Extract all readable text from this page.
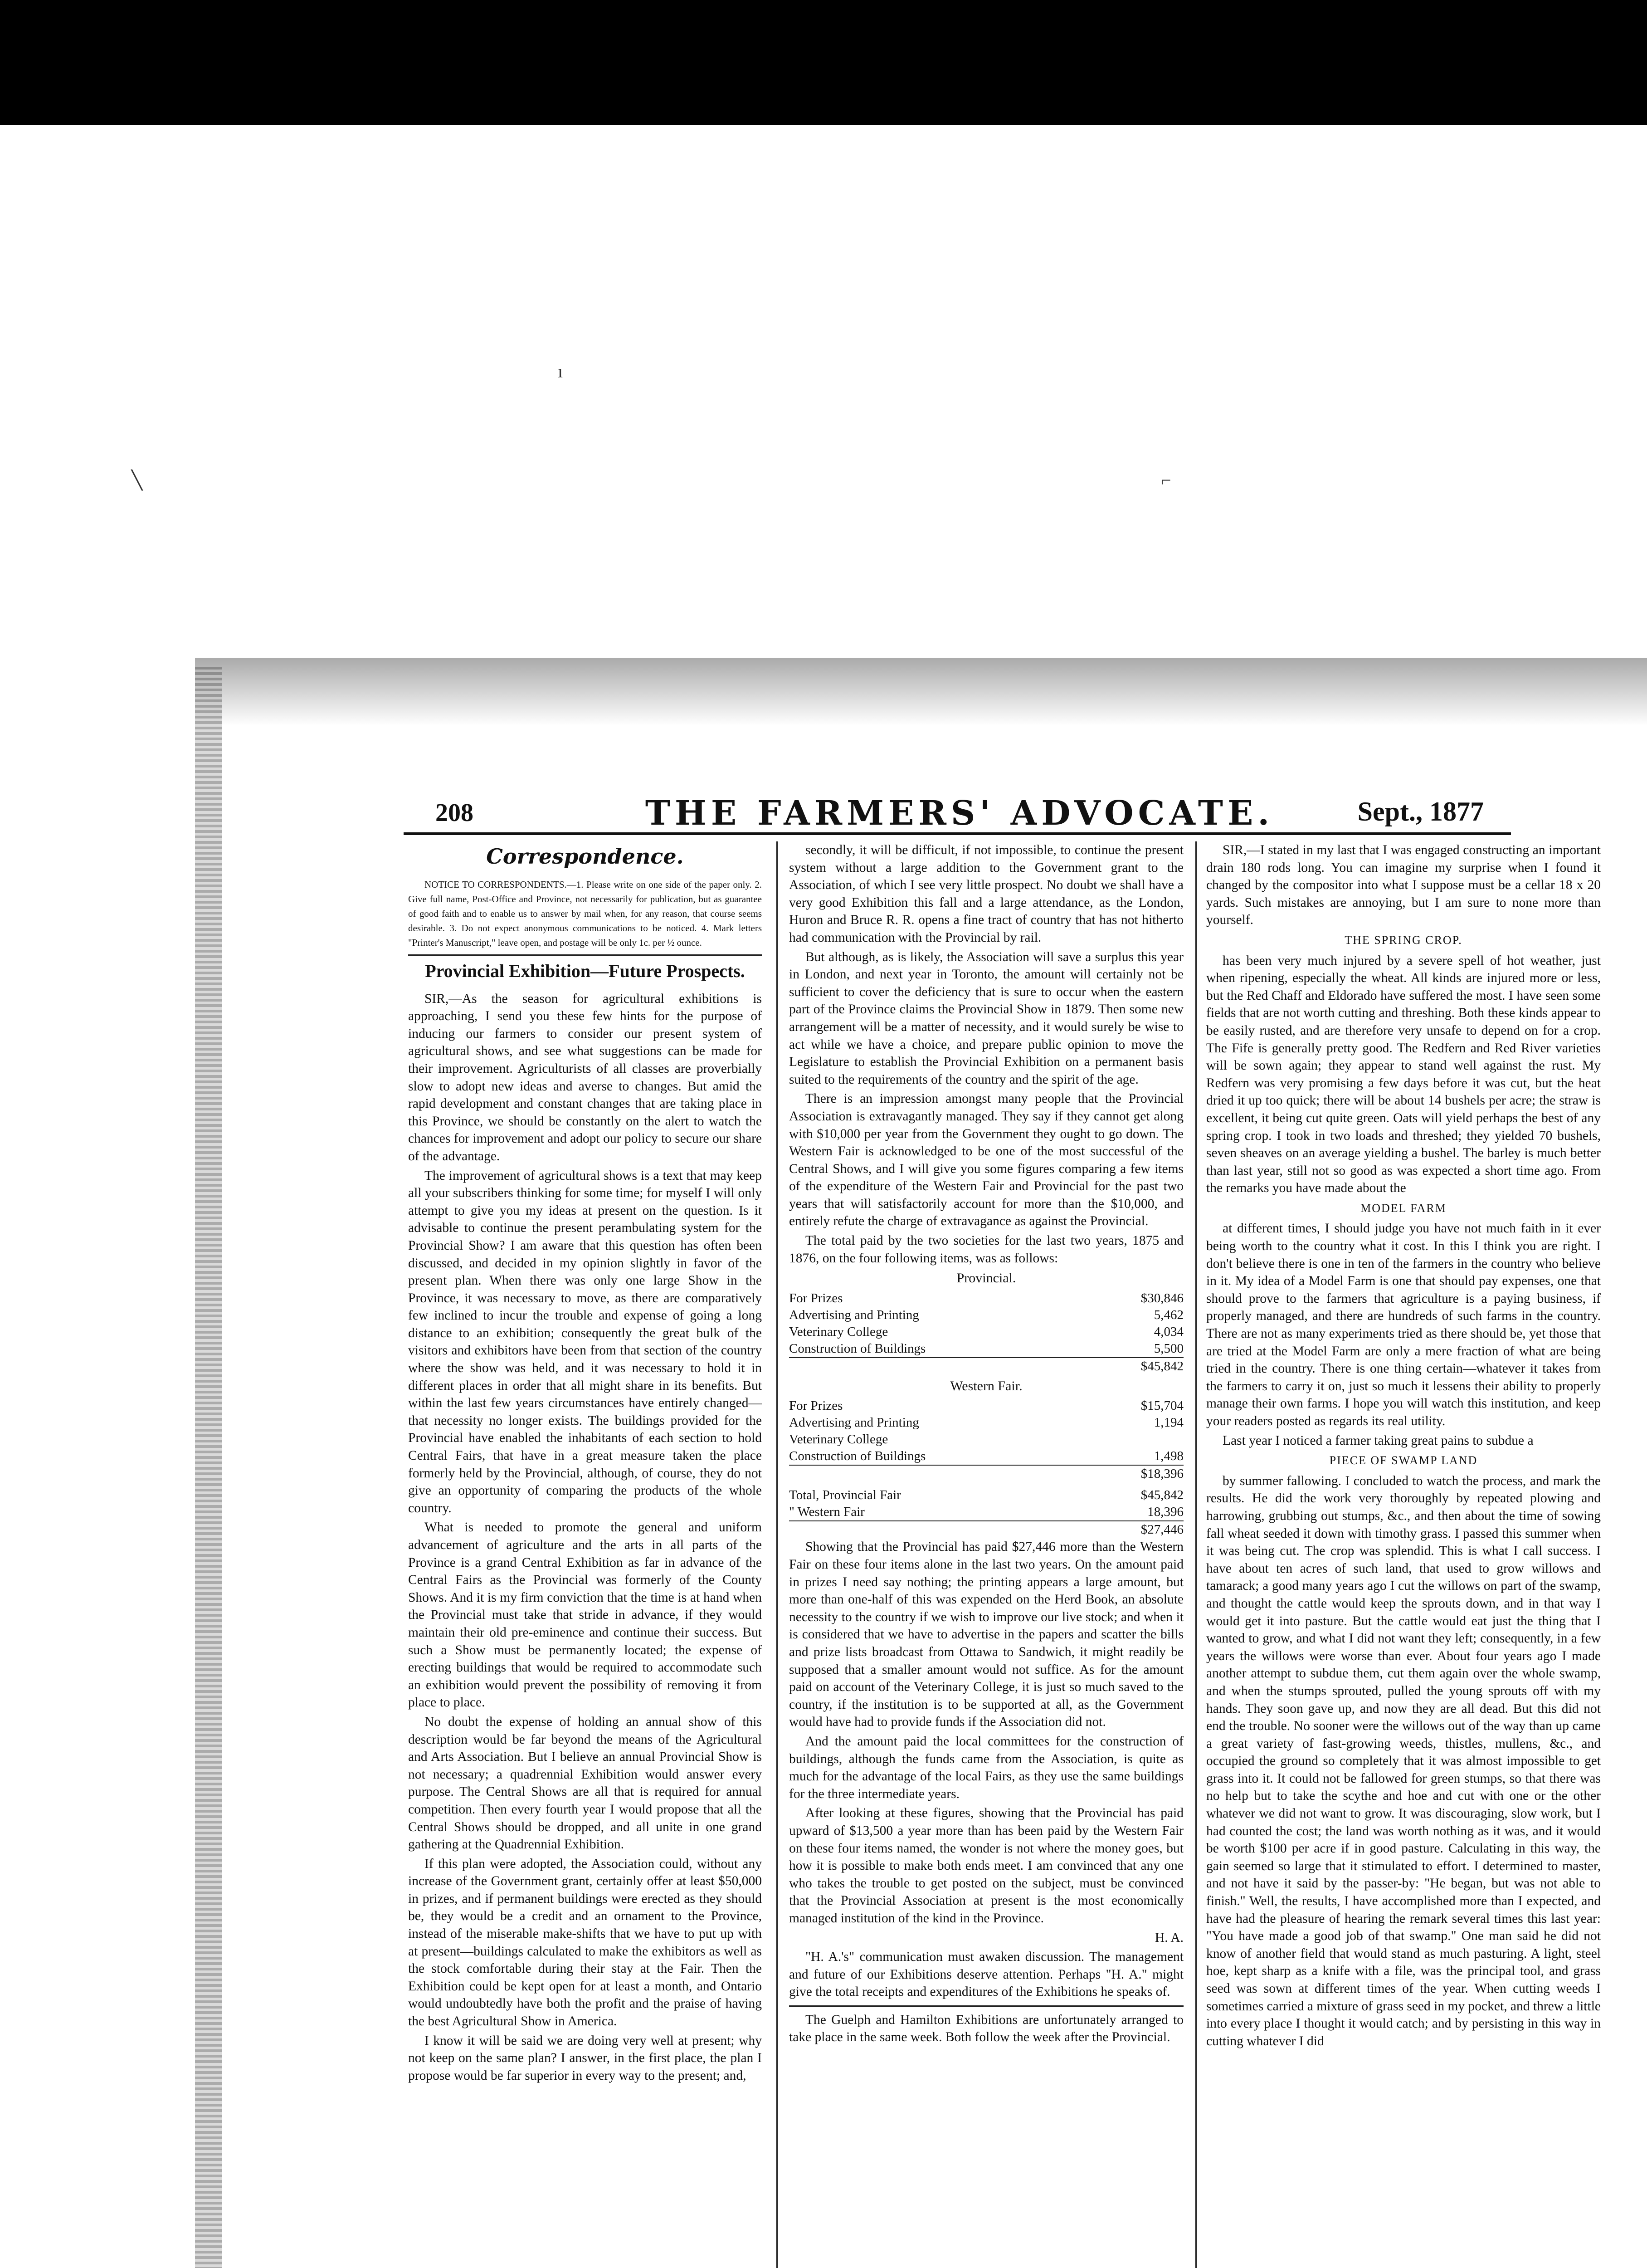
ı
╲	⌐
208	THE FARMERS' ADVOCATE.	Sept., 1877
Correspondence.

NOTICE TO CORRESPONDENTS.—1. Please write on one side of the paper only. 2. Give full name, Post-Office and Province, not necessarily for publication, but as guarantee of good faith and to enable us to answer by mail when, for any reason, that course seems desirable. 3. Do not expect anonymous communications to be noticed. 4. Mark letters "Printer's Manuscript," leave open, and postage will be only 1c. per ½ ounce.

Provincial Exhibition—Future Prospects.

SIR,—As the season for agricultural exhibitions is approaching, I send you these few hints for the purpose of inducing our farmers to consider our present system of agricultural shows, and see what suggestions can be made for their improvement. Agriculturists of all classes are proverbially slow to adopt new ideas and averse to changes. But amid the rapid development and constant changes that are taking place in this Province, we should be constantly on the alert to watch the chances for improvement and adopt our policy to secure our share of the advantage.

The improvement of agricultural shows is a text that may keep all your subscribers thinking for some time; for myself I will only attempt to give you my ideas at present on the question. Is it advisable to continue the present perambulating system for the Provincial Show? I am aware that this question has often been discussed, and decided in my opinion slightly in favor of the present plan. When there was only one large Show in the Province, it was necessary to move, as there are comparatively few inclined to incur the trouble and expense of going a long distance to an exhibition; consequently the great bulk of the visitors and exhibitors have been from that section of the country where the show was held, and it was necessary to hold it in different places in order that all might share in its benefits. But within the last few years circumstances have entirely changed—that necessity no longer exists. The buildings provided for the Provincial have enabled the inhabitants of each section to hold Central Fairs, that have in a great measure taken the place formerly held by the Provincial, although, of course, they do not give an opportunity of comparing the products of the whole country.

What is needed to promote the general and uniform advancement of agriculture and the arts in all parts of the Province is a grand Central Exhibition as far in advance of the Central Fairs as the Provincial was formerly of the County Shows. And it is my firm conviction that the time is at hand when the Provincial must take that stride in advance, if they would maintain their old pre-eminence and continue their success. But such a Show must be permanently located; the expense of erecting buildings that would be required to accommodate such an exhibition would prevent the possibility of removing it from place to place.

No doubt the expense of holding an annual show of this description would be far beyond the means of the Agricultural and Arts Association. But I believe an annual Provincial Show is not necessary; a quadrennial Exhibition would answer every purpose. The Central Shows are all that is required for annual competition. Then every fourth year I would propose that all the Central Shows should be dropped, and all unite in one grand gathering at the Quadrennial Exhibition.

If this plan were adopted, the Association could, without any increase of the Government grant, certainly offer at least $50,000 in prizes, and if permanent buildings were erected as they should be, they would be a credit and an ornament to the Province, instead of the miserable make-shifts that we have to put up with at present—buildings calculated to make the exhibitors as well as the stock comfortable during their stay at the Fair. Then the Exhibition could be kept open for at least a month, and Ontario would undoubtedly have both the profit and the praise of having the best Agricultural Show in America.

I know it will be said we are doing very well at present; why not keep on the same plan? I answer, in the first place, the plan I propose would be far superior in every way to the present; and,

secondly, it will be difficult, if not impossible, to continue the present system without a large addition to the Government grant to the Association, of which I see very little prospect. No doubt we shall have a very good Exhibition this fall and a large attendance, as the London, Huron and Bruce R. R. opens a fine tract of country that has not hitherto had communication with the Provincial by rail.

But although, as is likely, the Association will save a surplus this year in London, and next year in Toronto, the amount will certainly not be sufficient to cover the deficiency that is sure to occur when the eastern part of the Province claims the Provincial Show in 1879. Then some new arrangement will be a matter of necessity, and it would surely be wise to act while we have a choice, and prepare public opinion to move the Legislature to establish the Provincial Exhibition on a permanent basis suited to the requirements of the country and the spirit of the age.

There is an impression amongst many people that the Provincial Association is extravagantly managed. They say if they cannot get along with $10,000 per year from the Government they ought to go down. The Western Fair is acknowledged to be one of the most successful of the Central Shows, and I will give you some figures comparing a few items of the expenditure of the Western Fair and Provincial for the past two years that will satisfactorily account for more than the $10,000, and entirely refute the charge of extravagance as against the Provincial.

The total paid by the two societies for the last two years, 1875 and 1876, on the four following items, was as follows:

Provincial.
For Prizes	$30,846
Advertising and Printing	5,462
Veterinary College	4,034
Construction of Buildings	5,500
	$45,842
Western Fair.
For Prizes	$15,704
Advertising and Printing	1,194
Veterinary College	
Construction of Buildings	1,498
	$18,396
Total, Provincial Fair	$45,842
" Western Fair	18,396
	$27,446

Showing that the Provincial has paid $27,446 more than the Western Fair on these four items alone in the last two years. On the amount paid in prizes I need say nothing; the printing appears a large amount, but more than one-half of this was expended on the Herd Book, an absolute necessity to the country if we wish to improve our live stock; and when it is considered that we have to advertise in the papers and scatter the bills and prize lists broadcast from Ottawa to Sandwich, it might readily be supposed that a smaller amount would not suffice. As for the amount paid on account of the Veterinary College, it is just so much saved to the country, if the institution is to be supported at all, as the Government would have had to provide funds if the Association did not.

And the amount paid the local committees for the construction of buildings, although the funds came from the Association, is quite as much for the advantage of the local Fairs, as they use the same buildings for the three intermediate years.

After looking at these figures, showing that the Provincial has paid upward of $13,500 a year more than has been paid by the Western Fair on these four items named, the wonder is not where the money goes, but how it is possible to make both ends meet. I am convinced that any one who takes the trouble to get posted on the subject, must be convinced that the Provincial Association at present is the most economically managed institution of the kind in the Province.

H. A.

"H. A.'s" communication must awaken discussion. The management and future of our Exhibitions deserve attention. Perhaps "H. A." might give the total receipts and expenditures of the Exhibitions he speaks of.

The Guelph and Hamilton Exhibitions are unfortunately arranged to take place in the same week. Both follow the week after the Provincial.

SIR,—I stated in my last that I was engaged constructing an important drain 180 rods long. You can imagine my surprise when I found it changed by the compositor into what I suppose must be a cellar 18 x 20 yards. Such mistakes are annoying, but I am sure to none more than yourself.

THE SPRING CROP.

has been very much injured by a severe spell of hot weather, just when ripening, especially the wheat. All kinds are injured more or less, but the Red Chaff and Eldorado have suffered the most. I have seen some fields that are not worth cutting and threshing. Both these kinds appear to be easily rusted, and are therefore very unsafe to depend on for a crop. The Fife is generally pretty good. The Redfern and Red River varieties will be sown again; they appear to stand well against the rust. My Redfern was very promising a few days before it was cut, but the heat dried it up too quick; there will be about 14 bushels per acre; the straw is excellent, it being cut quite green. Oats will yield perhaps the best of any spring crop. I took in two loads and threshed; they yielded 70 bushels, seven sheaves on an average yielding a bushel. The barley is much better than last year, still not so good as was expected a short time ago. From the remarks you have made about the

MODEL FARM

at different times, I should judge you have not much faith in it ever being worth to the country what it cost. In this I think you are right. I don't believe there is one in ten of the farmers in the country who believe in it. My idea of a Model Farm is one that should pay expenses, one that should prove to the farmers that agriculture is a paying business, if properly managed, and there are hundreds of such farms in the country. There are not as many experiments tried as there should be, yet those that are tried at the Model Farm are only a mere fraction of what are being tried in the country. There is one thing certain—whatever it takes from the farmers to carry it on, just so much it lessens their ability to properly manage their own farms. I hope you will watch this institution, and keep your readers posted as regards its real utility.

Last year I noticed a farmer taking great pains to subdue a

PIECE OF SWAMP LAND

by summer fallowing. I concluded to watch the process, and mark the results. He did the work very thoroughly by repeated plowing and harrowing, grubbing out stumps, &c., and then about the time of sowing fall wheat seeded it down with timothy grass. I passed this summer when it was being cut. The crop was splendid. This is what I call success. I have about ten acres of such land, that used to grow willows and tamarack; a good many years ago I cut the willows on part of the swamp, and thought the cattle would keep the sprouts down, and in that way I would get it into pasture. But the cattle would eat just the thing that I wanted to grow, and what I did not want they left; consequently, in a few years the willows were worse than ever. About four years ago I made another attempt to subdue them, cut them again over the whole swamp, and when the stumps sprouted, pulled the young sprouts off with my hands. They soon gave up, and now they are all dead. But this did not end the trouble. No sooner were the willows out of the way than up came a great variety of fast-growing weeds, thistles, mullens, &c., and occupied the ground so completely that it was almost impossible to get grass into it. It could not be fallowed for green stumps, so that there was no help but to take the scythe and hoe and cut with one or the other whatever we did not want to grow. It was discouraging, slow work, but I had counted the cost; the land was worth nothing as it was, and it would be worth $100 per acre if in good pasture. Calculating in this way, the gain seemed so large that it stimulated to effort. I determined to master, and not have it said by the passer-by: "He began, but was not able to finish." Well, the results, I have accomplished more than I expected, and have had the pleasure of hearing the remark several times this last year: "You have made a good job of that swamp." One man said he did not know of another field that would stand as much pasturing. A light, steel hoe, kept sharp as a knife with a file, was the principal tool, and grass seed was sown at different times of the year. When cutting weeds I sometimes carried a mixture of grass seed in my pocket, and threw a little into every place I thought it would catch; and by persisting in this way in cutting whatever I did
